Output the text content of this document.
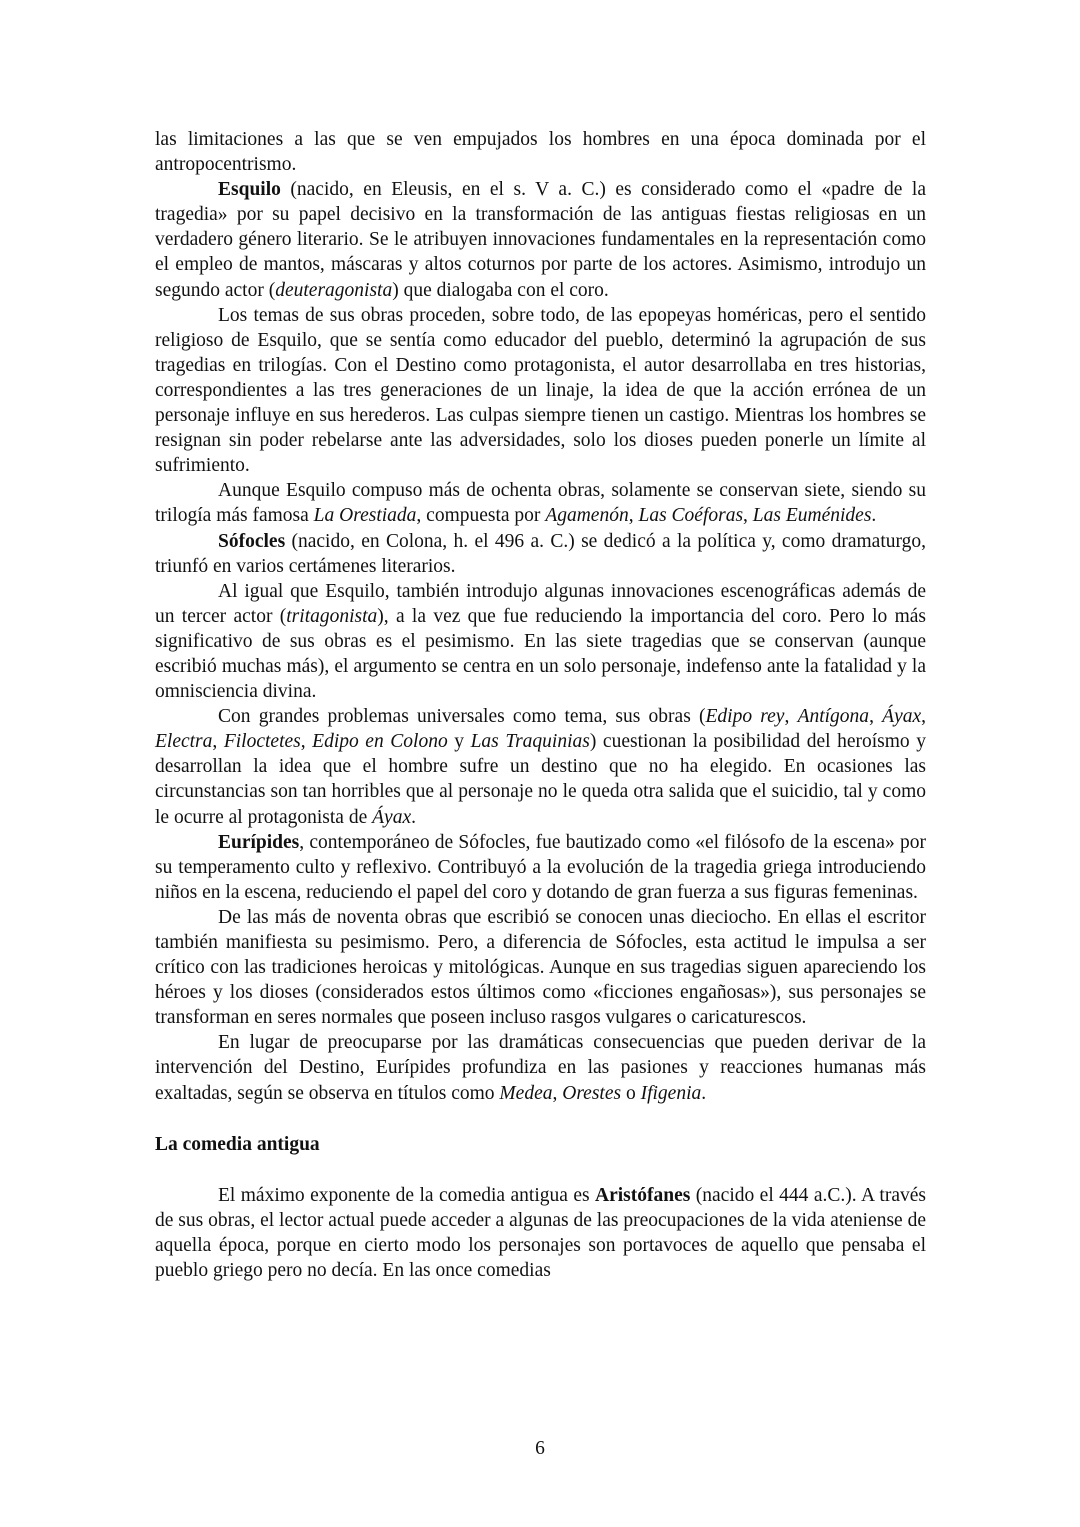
las limitaciones a las que se ven empujados los hombres en una época dominada por el antropocentrismo.

Esquilo (nacido, en Eleusis, en el s. V a. C.) es considerado como el «padre de la tragedia» por su papel decisivo en la transformación de las antiguas fiestas religiosas en un verdadero género literario. Se le atribuyen innovaciones fundamentales en la representación como el empleo de mantos, máscaras y altos coturnos por parte de los actores. Asimismo, introdujo un segundo actor (deuteragonista) que dialogaba con el coro.

Los temas de sus obras proceden, sobre todo, de las epopeyas homéricas, pero el sentido religioso de Esquilo, que se sentía como educador del pueblo, determinó la agrupación de sus tragedias en trilogías. Con el Destino como protagonista, el autor desarrollaba en tres historias, correspondientes a las tres generaciones de un linaje, la idea de que la acción errónea de un personaje influye en sus herederos. Las culpas siempre tienen un castigo. Mientras los hombres se resignan sin poder rebelarse ante las adversidades, solo los dioses pueden ponerle un límite al sufrimiento.

Aunque Esquilo compuso más de ochenta obras, solamente se conservan siete, siendo su trilogía más famosa La Orestiada, compuesta por Agamenón, Las Coéforas, Las Euménides.

Sófocles (nacido, en Colona, h. el 496 a. C.) se dedicó a la política y, como dramaturgo, triunfó en varios certámenes literarios.

Al igual que Esquilo, también introdujo algunas innovaciones escenográficas además de un tercer actor (tritagonista), a la vez que fue reduciendo la importancia del coro. Pero lo más significativo de sus obras es el pesimismo. En las siete tragedias que se conservan (aunque escribió muchas más), el argumento se centra en un solo personaje, indefenso ante la fatalidad y la omnisciencia divina.

Con grandes problemas universales como tema, sus obras (Edipo rey, Antígona, Áyax, Electra, Filoctetes, Edipo en Colono y Las Traquinias) cuestionan la posibilidad del heroísmo y desarrollan la idea que el hombre sufre un destino que no ha elegido. En ocasiones las circunstancias son tan horribles que al personaje no le queda otra salida que el suicidio, tal y como le ocurre al protagonista de Áyax.

Eurípides, contemporáneo de Sófocles, fue bautizado como «el filósofo de la escena» por su temperamento culto y reflexivo. Contribuyó a la evolución de la tragedia griega introduciendo niños en la escena, reduciendo el papel del coro y dotando de gran fuerza a sus figuras femeninas.

De las más de noventa obras que escribió se conocen unas dieciocho. En ellas el escritor también manifiesta su pesimismo. Pero, a diferencia de Sófocles, esta actitud le impulsa a ser crítico con las tradiciones heroicas y mitológicas. Aunque en sus tragedias siguen apareciendo los héroes y los dioses (considerados estos últimos como «ficciones engañosas»), sus personajes se transforman en seres normales que poseen incluso rasgos vulgares o caricaturescos.

En lugar de preocuparse por las dramáticas consecuencias que pueden derivar de la intervención del Destino, Eurípides profundiza en las pasiones y reacciones humanas más exaltadas, según se observa en títulos como Medea, Orestes o Ifigenia.

La comedia antigua

El máximo exponente de la comedia antigua es Aristófanes (nacido el 444 a.C.). A través de sus obras, el lector actual puede acceder a algunas de las preocupaciones de la vida ateniense de aquella época, porque en cierto modo los personajes son portavoces de aquello que pensaba el pueblo griego pero no decía. En las once comedias

6
